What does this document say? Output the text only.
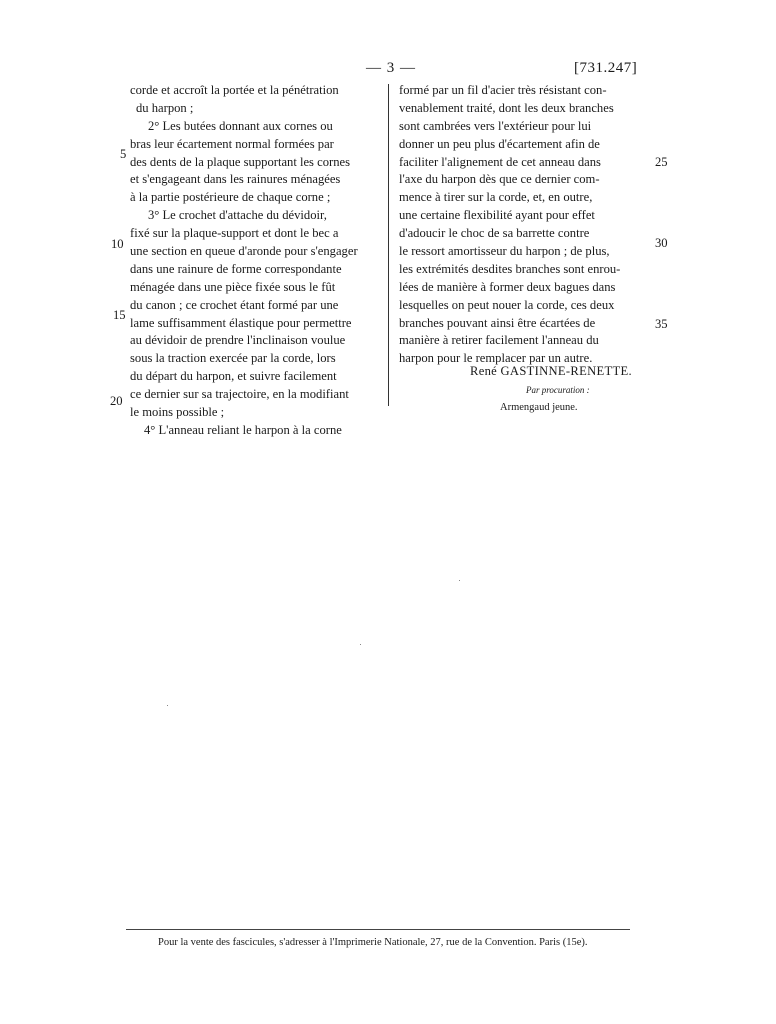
— 3 —	[731.247]
corde et accroît la portée et la pénétration
du harpon ;
2° Les butées donnant aux cornes ou
bras leur écartement normal formées par
des dents de la plaque supportant les cornes
et s'engageant dans les rainures ménagées
à la partie postérieure de chaque corne ;
3° Le crochet d'attache du dévidoir,
fixé sur la plaque-support et dont le bec a
une section en queue d'aronde pour s'engager
dans une rainure de forme correspondante
ménagée dans une pièce fixée sous le fût
du canon ; ce crochet étant formé par une
lame suffisamment élastique pour permettre
au dévidoir de prendre l'inclinaison voulue
sous la traction exercée par la corde, lors
du départ du harpon, et suivre facilement
ce dernier sur sa trajectoire, en la modifiant
le moins possible ;
4° L'anneau reliant le harpon à la corne
5
10
15
20
formé par un fil d'acier très résistant con-
venablement traité, dont les deux branches
sont cambrées vers l'extérieur pour lui
donner un peu plus d'écartement afin de
faciliter l'alignement de cet anneau dans
l'axe du harpon dès que ce dernier com-
mence à tirer sur la corde, et, en outre,
une certaine flexibilité ayant pour effet
d'adoucir le choc de sa barrette contre
le ressort amortisseur du harpon ; de plus,
les extrémités desdites branches sont enrou-
lées de manière à former deux bagues dans
lesquelles on peut nouer la corde, ces deux
branches pouvant ainsi être écartées de
manière à retirer facilement l'anneau du
harpon pour le remplacer par un autre.
25
30
35
René GASTINNE-RENETTE.
Par procuration :
Armengaud jeune.
Pour la vente des fascicules, s'adresser à l'Imprimerie Nationale, 27, rue de la Convention. Paris (15e).
